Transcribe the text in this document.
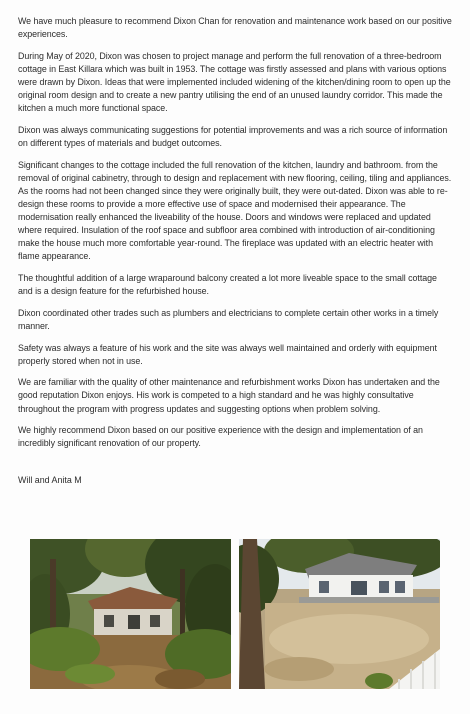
We have much pleasure to recommend Dixon Chan for renovation and maintenance work based on our positive experiences.

During May of 2020, Dixon was chosen to project manage and perform the full renovation of a three-bedroom cottage in East Killara which was built in 1953. The cottage was firstly assessed and plans with various options were drawn by Dixon. Ideas that were implemented included widening of the kitchen/dining room to open up the original room design and to create a new pantry utilising the end of an unused laundry corridor. This made the kitchen a much more functional space.

Dixon was always communicating suggestions for potential improvements and was a rich source of information on different types of materials and budget outcomes.

Significant changes to the cottage included the full renovation of the kitchen, laundry and bathroom. from the removal of original cabinetry, through to design and replacement with new flooring, ceiling, tiling and appliances. As the rooms had not been changed since they were originally built, they were out-dated. Dixon was able to re-design these rooms to provide a more effective use of space and modernised their appearance. The modernisation really enhanced the liveability of the house. Doors and windows were replaced and updated where required. Insulation of the roof space and subfloor area combined with introduction of air-conditioning make the house much more comfortable year-round. The fireplace was updated with an electric heater with flame appearance.

The thoughtful addition of a large wraparound balcony created a lot more liveable space to the small cottage and is a design feature for the refurbished house.

Dixon coordinated other trades such as plumbers and electricians to complete certain other works in a timely manner.

Safety was always a feature of his work and the site was always well maintained and orderly with equipment properly stored when not in use.

We are familiar with the quality of other maintenance and refurbishment works Dixon has undertaken and the good reputation Dixon enjoys. His work is competed to a high standard and he was highly consultative throughout the program with progress updates and suggesting options when problem solving.

We highly recommend Dixon based on our positive experience with the design and implementation of an incredibly significant renovation of our property.

Will and Anita M
